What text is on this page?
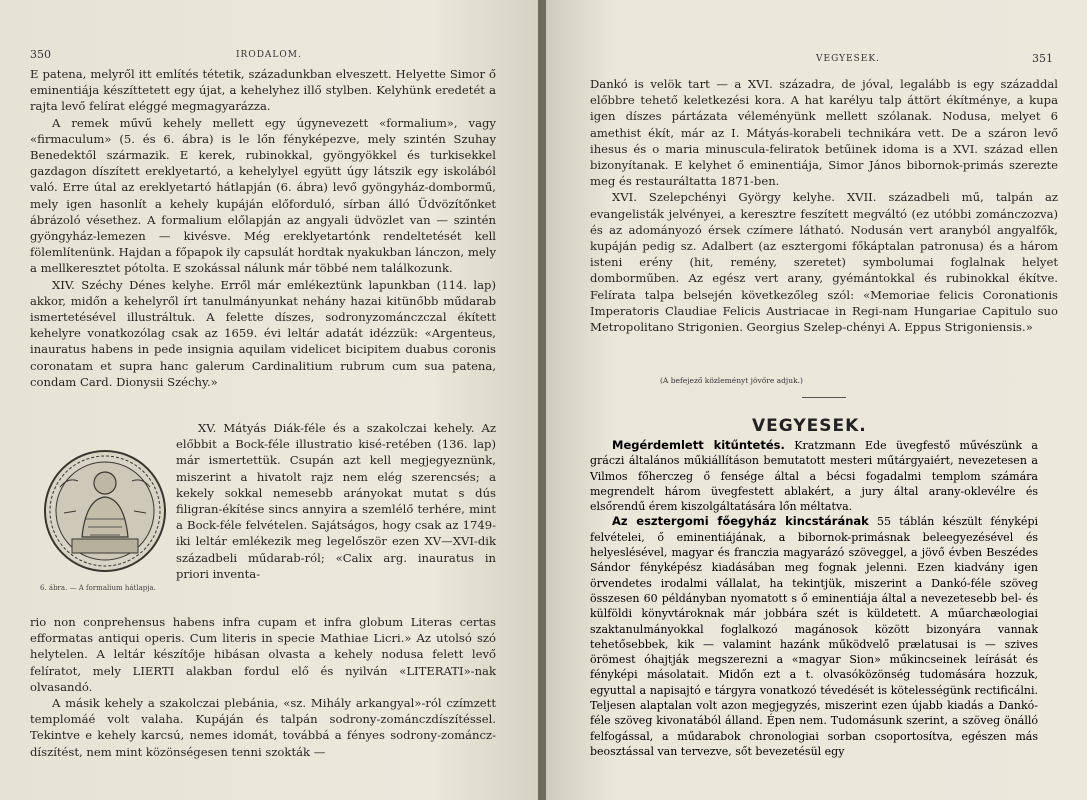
350	IRODALOM.

E patena, melyről itt említés tétetik, századunkban elveszett. Helyette Simor ő eminentiája készíttetett egy újat, a kehelyhez illő stylben. Kelyhünk eredetét a rajta levő felírat eléggé megmagyarázza.

A remek művű kehely mellett egy úgynevezett «formalium», vagy «firmaculum» (5. és 6. ábra) is le lőn fényképezve, mely szintén Szuhay Benedektől származik. E kerek, rubinokkal, gyöngyökkel és turkisekkel gazdagon díszített ereklyetartó, a kehelylyel együtt úgy látszik egy iskolából való. Erre útal az ereklyetartó hátlapján (6. ábra) levő gyöngyház-dombormű, mely igen hasonlít a kehely kupáján előforduló, sírban álló Üdvözítőnket ábrázoló vésethez. A formalium előlapján az angyali üdvözlet van — szintén gyöngyház-lemezen — kivésve. Még ereklyetartónk rendeltetését kell fölemlítenünk. Hajdan a főpapok ily capsulát hordtak nyakukban lánczon, mely a mellkeresztet pótolta. E szokással nálunk már többé nem találkozunk.

XIV. Széchy Dénes kelyhe. Erről már emlékeztünk lapunkban (114. lap) akkor, midőn a kehelyről írt tanulmányunkat nehány hazai kitünőbb műdarab ismertetésével illustráltuk. A felette díszes, sodronyzománczczal ékített kehelyre vonatkozólag csak az 1659. évi leltár adatát idézzük: «Argenteus, inauratus habens in pede insignia aquilam videlicet bicipitem duabus coronis coronatam et supra hanc galerum Cardinalitium rubrum cum sua patena, condam Card. Dionysii Széchy.»

6. ábra. — A formalium hátlapja.

XV. Mátyás Diák-féle és a szakolczai kehely. Az előbbit a Bock-féle illustratio kisé-retében (136. lap) már ismertettük. Csupán azt kell megjegyeznünk, miszerint a hivatolt rajz nem elég szerencsés; a kekely sokkal nemesebb arányokat mutat s dús filigran-ékítése sincs annyira a szemlélő terhére, mint a Bock-féle felvételen. Sajátságos, hogy csak az 1749-iki leltár emlékezik meg legelőször ezen XV—XVI-dik századbeli műdarab-ról; «Calix arg. inauratus in priori inventa-

rio non conprehensus habens infra cupam et infra globum Literas certas efformatas antiqui operis. Cum literis in specie Mathiae Licri.» Az utolsó szó helytelen. A leltár készítője hibásan olvasta a kehely nodusa felett levő felíratot, mely LIERTI alakban fordul elő és nyilván «LITERATI»-nak olvasandó.

A másik kehely a szakolczai plebánia, «sz. Mihály arkangyal»-ról czímzett templomáé volt valaha. Kupáján és talpán sodrony-zománczdíszítéssel. Tekintve e kehely karcsú, nemes idomát, továbbá a fényes sodrony-zománcz-díszítést, nem mint közönségesen tenni szokták —

VEGYESEK.	351

Dankó is velök tart — a XVI. századra, de jóval, legalább is egy századdal előbbre tehető keletkezési kora. A hat karélyu talp áttört ékítménye, a kupa igen díszes pártázata véleményünk mellett szólanak. Nodusa, melyet 6 amethist ékít, már az I. Mátyás-korabeli technikára vett. De a száron levő ihesus és o maria minuscula-feliratok betűinek idoma is a XVI. század ellen bizonyítanak. E kelyhet ő eminentiája, Simor János bibornok-primás szerezte meg és restauráltatta 1871-ben.

XVI. Szelepchényi György kelyhe. XVII. századbeli mű, talpán az evangelisták jelvényei, a keresztre feszített megváltó (ez utóbbi zománczozva) és az adományozó érsek czímere látható. Nodusán vert aranyból angyalfők, kupáján pedig sz. Adalbert (az esztergomi főkáptalan patronusa) és a három isteni erény (hit, remény, szeretet) symbolumai foglalnak helyet domborműben. Az egész vert arany, gyémántokkal és rubinokkal ékítve. Felírata talpa belsején következőleg szól: «Memoriae felicis Coronationis Imperatoris Claudiae Felicis Austriacae in Regi-nam Hungariae Capitulo suo Metropolitano Strigonien. Georgius Szelep-chényi A. Eppus Strigoniensis.»

(A befejező közleményt jövőre adjuk.)
VEGYESEK.

Megérdemlett kitűntetés. Kratzmann Ede üvegfestő művészünk a gráczi általános műkiállításon bemutatott mesteri műtárgyaiért, nevezetesen a Vilmos főherczeg ő fensége által a bécsi fogadalmi templom számára megrendelt három üvegfestett ablakért, a jury által arany-oklevélre és elsőrendű érem kiszolgáltatására lőn méltatva.

Az esztergomi főegyház kincstárának 55 táblán készült fényképi felvételei, ő eminentiájának, a bibornok-primásnak beleegyezésével és helyeslésével, magyar és franczia magyarázó szöveggel, a jövő évben Beszédes Sándor fényképész kiadásában meg fognak jelenni. Ezen kiadvány igen örvendetes irodalmi vállalat, ha tekintjük, miszerint a Dankó-féle szöveg összesen 60 példányban nyomatott s ő eminentiája által a nevezetesebb bel- és külföldi könyvtároknak már jobbára szét is küldetett. A műarchæologiai szaktanulmányokkal foglalkozó magánosok között bizonyára vannak tehetősebbek, kik — valamint hazánk működvelő prælatusai is — szives örömest óhajtják megszerezni a «magyar Sion» műkincseinek leírását és fényképi másolatait. Midőn ezt a t. olvasóközönség tudomására hozzuk, egyuttal a napisajtó e tárgyra vonatkozó tévedését is kötelességünk rectificálni. Teljesen alaptalan volt azon megjegyzés, miszerint ezen újabb kiadás a Dankó-féle szöveg kivonatából álland. Épen nem. Tudomásunk szerint, a szöveg önálló felfogással, a műdarabok chronologiai sorban csoportosítva, egészen más beosztással van tervezve, sőt bevezetésül egy
